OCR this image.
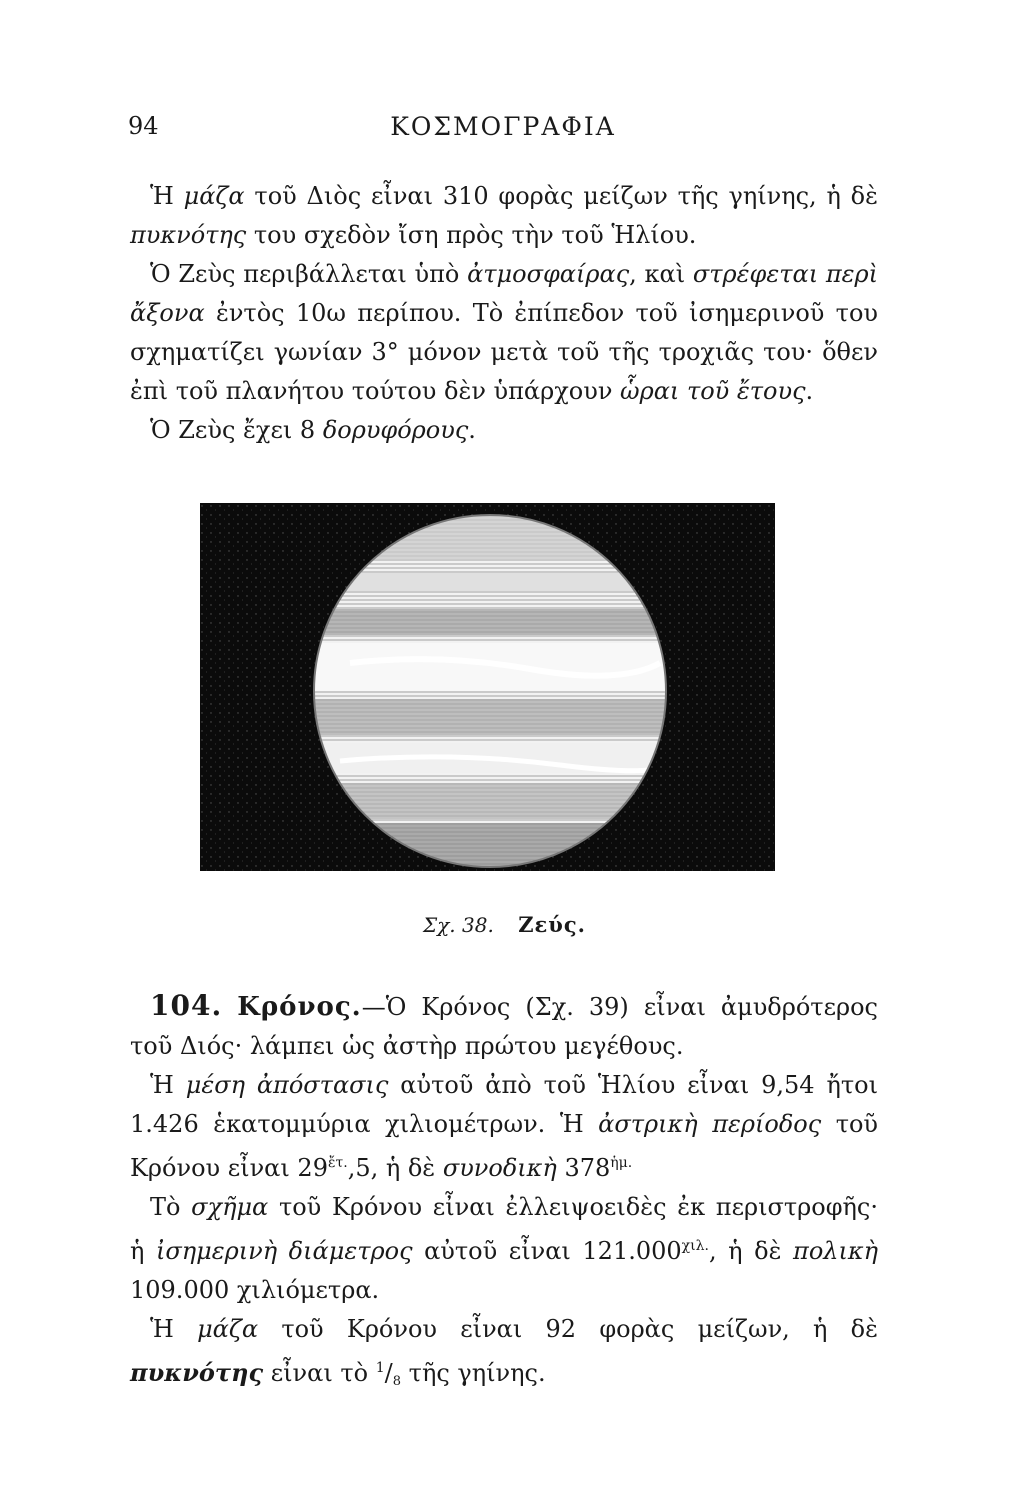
94	ΚΟΣΜΟΓΡΑΦΙΑ

Ἡ μάζα τοῦ Διὸς εἶναι 310 φορὰς μείζων τῆς γηίνης, ἡ δὲ πυκνότης του σχεδὸν ἴση πρὸς τὴν τοῦ Ἡλίου.

Ὁ Ζεὺς περιβάλλεται ὑπὸ ἀτμοσφαίρας, καὶ στρέφεται περὶ ἄξονα ἐντὸς 10ω περίπου. Τὸ ἐπίπεδον τοῦ ἰσημερινοῦ του σχηματίζει γωνίαν 3° μόνον μετὰ τοῦ τῆς τροχιᾶς του· ὅθεν ἐπὶ τοῦ πλανήτου τούτου δὲν ὑπάρχουν ὧραι τοῦ ἔτους.

Ὁ Ζεὺς ἔχει 8 δορυφόρους.

Σχ. 38. Ζεύς.

104. Κρόνος.—Ὁ Κρόνος (Σχ. 39) εἶναι ἀμυδρότερος τοῦ Διός· λάμπει ὡς ἀστὴρ πρώτου μεγέθους.

Ἡ μέση ἀπόστασις αὐτοῦ ἀπὸ τοῦ Ἡλίου εἶναι 9,54 ἤτοι 1.426 ἑκατομμύρια χιλιομέτρων. Ἡ ἀστρικὴ περίοδος τοῦ Κρόνου εἶναι $29^{ἔ\tau.},5$, ἡ δὲ συνοδικὴ $378^{ἡ\mu.}$

Τὸ σχῆμα τοῦ Κρόνου εἶναι ἐλλειψοειδὲς ἐκ περιστροφῆς· ἡ ἰσημερινὴ διάμετρος αὐτοῦ εἶναι $121.000^{\chi\iota\lambda.}$, ἡ δὲ πολικὴ 109.000 χιλιόμετρα.

Ἡ μάζα τοῦ Κρόνου εἶναι 92 φορὰς μείζων, ἡ δὲ πυκνότης εἶναι τὸ $^1/_8$ τῆς γηίνης.
